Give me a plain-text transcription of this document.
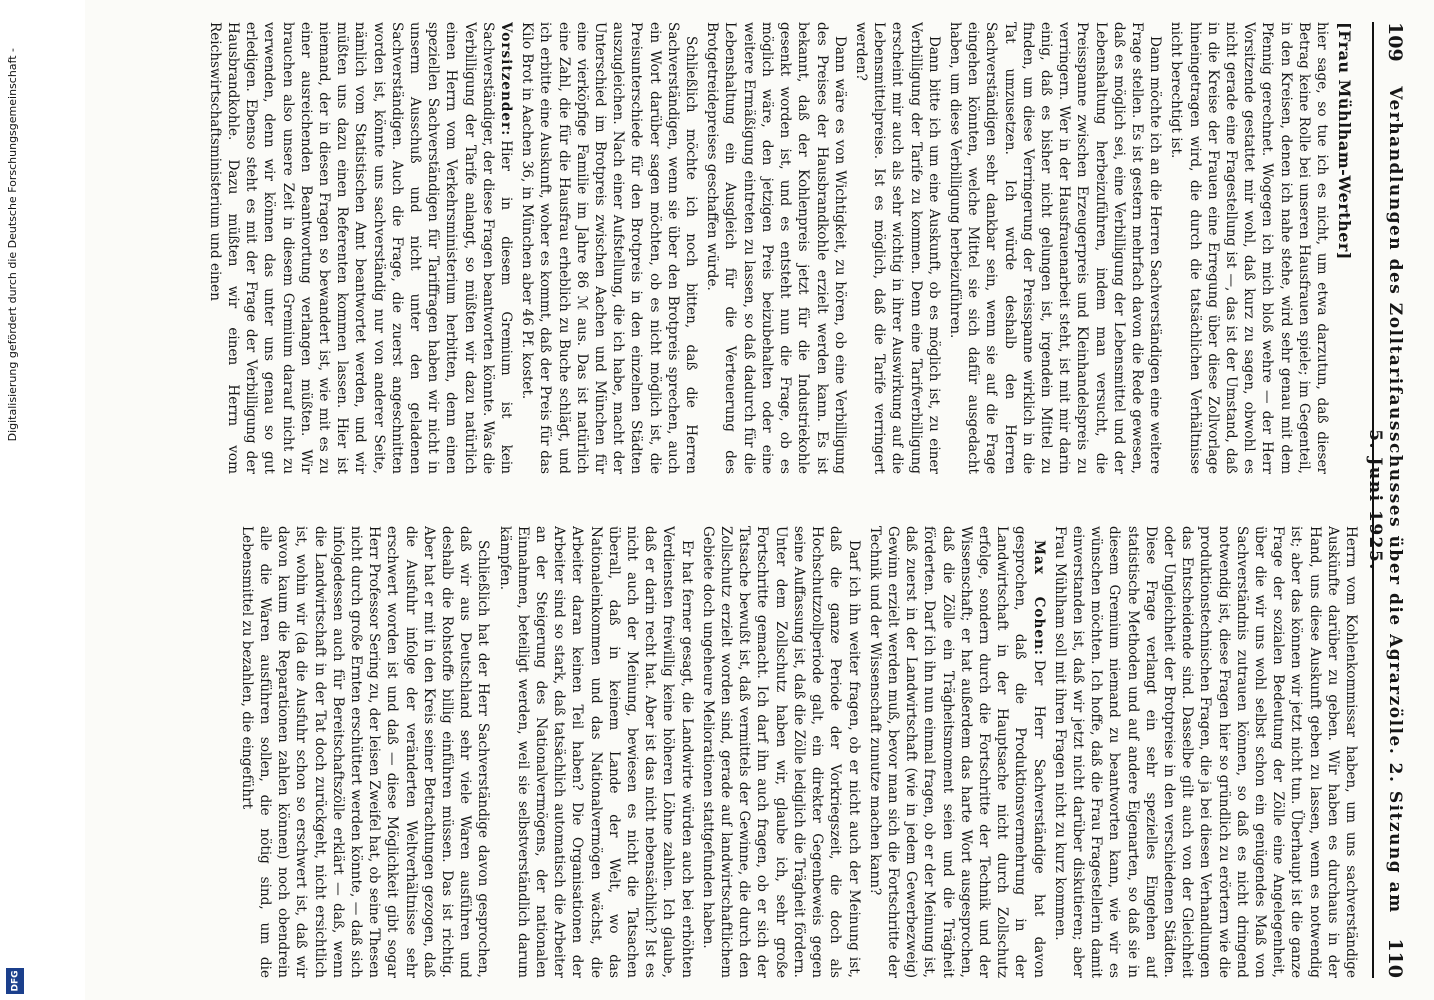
109
Verhandlungen des Zolltarifausschusses über die Agrarzölle. 2. Sitzung am 5. Juni 1925.
110
[Frau Mühlham-Werther]

hier sage, so tue ich es nicht, um etwa darzutun, daß dieser Betrag keine Rolle bei unseren Hausfrauen spiele; im Gegenteil, in den Kreisen, denen ich nahe stehe, wird sehr genau mit dem Pfennig gerechnet. Wogegen ich mich bloß wehre — der Herr Vorsitzende gestattet mir wohl, daß kurz zu sagen, obwohl es nicht gerade eine Fragestellung ist —, das ist der Umstand, daß in die Kreise der Frauen eine Erregung über diese Zollvorlage hineingetragen wird, die durch die tatsächlichen Verhältnisse nicht berechtigt ist.

Dann möchte ich an die Herren Sachverständigen eine weitere Frage stellen. Es ist gestern mehrfach davon die Rede gewesen, daß es möglich sei, eine Verbilligung der Lebensmittel und der Lebenshaltung herbeizuführen, indem man versucht, die Preisspanne zwischen Erzeugerpreis und Kleinhandelspreis zu verringern. Wer in der Hausfrauenarbeit steht, ist mit mir darin einig, daß es bisher nicht gelungen ist, irgendein Mittel zu finden, um diese Verringerung der Preisspanne wirklich in die Tat umzusetzen. Ich würde deshalb den Herren Sachverständigen sehr dankbar sein, wenn sie auf die Frage eingehen könnten, welche Mittel sie sich dafür ausgedacht haben, um diese Verbilligung herbeizuführen.

Dann bitte ich um eine Auskunft, ob es möglich ist, zu einer Verbilligung der Tarife zu kommen. Denn eine Tarifverbilligung erscheint mir auch als sehr wichtig in ihrer Auswirkung auf die Lebensmittelpreise. Ist es möglich, daß die Tarife verringert werden?

Dann wäre es von Wichtigkeit, zu hören, ob eine Verbilligung des Preises der Hausbrandkohle erzielt werden kann. Es ist bekannt, daß der Kohlenpreis jetzt für die Industriekohle gesenkt worden ist, und es entsteht nun die Frage, ob es möglich wäre, den jetzigen Preis beizubehalten oder eine weitere Ermäßigung eintreten zu lassen, so daß dadurch für die Lebenshaltung ein Ausgleich für die Verteuerung des Brotgetreidepreises geschaffen würde.

Schließlich möchte ich noch bitten, daß die Herren Sachverständigen, wenn sie über den Brotpreis sprechen, auch ein Wort darüber sagen möchten, ob es nicht möglich ist, die Preisunterschiede für den Brotpreis in den einzelnen Städten auszugleichen. Nach einer Aufstellung, die ich habe, macht der Unterschied im Brotpreis zwischen Aachen und München für eine vierköpfige Familie im Jahre 86 ℳ aus. Das ist natürlich eine Zahl, die für die Hausfrau erheblich zu Buche schlägt, und ich erbitte eine Auskunft, woher es kommt, daß der Preis für das Kilo Brot in Aachen 36, in München aber 46 Pf. kostet.

Vorsitzender:Hier in diesem Gremium ist kein Sachverständiger, der diese Fragen beantworten könnte. Was die Verbilligung der Tarife anlangt, so müßten wir dazu natürlich einen Herrn vom Verkehrsministerium herbitten, denn einen speziellen Sachverständigen für Tariffragen haben wir nicht in unserm Ausschuß und nicht unter den geladenen Sachverständigen. Auch die Frage, die zuerst angeschnitten worden ist, könnte uns sachverständig nur von anderer Seite, nämlich vom Statistischen Amt beantwortet werden, und wir müßten uns dazu einen Referenten kommen lassen. Hier ist niemand, der in diesen Fragen so bewandert ist, wie mit es zu einer ausreichenden Beantwortung verlangen müßten. Wir brauchen also unsere Zeit in diesem Gremium darauf nicht zu verwenden, denn wir können das unter uns genau so gut erledigen. Ebenso steht es mit der Frage der Verbilligung der Hausbrandkohle. Dazu müßten wir einen Herrn vom Reichswirtschaftsministerium und einen

Herrn vom Kohlenkommissar haben, um uns sachverständige Auskünfte darüber zu geben. Wir haben es durchaus in der Hand, uns diese Auskunft geben zu lassen, wenn es notwendig ist; aber das können wir jetzt nicht tun. Überhaupt ist die ganze Frage der sozialen Bedeutung der Zölle eine Angelegenheit, über die wir uns wohl selbst schon ein genügendes Maß von Sachverständnis zutrauen können, so daß es nicht dringend notwendig ist, diese Fragen hier so gründlich zu erörtern wie die produktionstechnischen Fragen, die ja bei diesen Verhandlungen das Entscheidende sind. Dasselbe gilt auch von der Gleichheit oder Ungleichheit der Brotpreise in den verschiedenen Städten. Diese Frage verlangt ein sehr spezielles Eingehen auf statistische Methoden und auf andere Eigenarten, so daß sie in diesem Gremium niemand zu beantworten kann, wie wir es wünschen möchten. Ich hoffe, daß die Frau Fragestellerin damit einverstanden ist, daß wir jetzt nicht darüber diskutieren; aber Frau Mühlham soll mit ihren Fragen nicht zu kurz kommen.

Max Cohen:Der Herr Sachverständige hat davon gesprochen, daß die Produktionsvermehrung in der Landwirtschaft in der Hauptsache nicht durch Zollschutz erfolge, sondern durch die Fortschritte der Technik und der Wissenschaft; er hat außerdem das harte Wort ausgesprochen, daß die Zölle ein Trägheitsmoment seien und die Trägheit förderten. Darf ich ihn nun einmal fragen, ob er der Meinung ist, daß zuerst in der Landwirtschaft (wie in jedem Gewerbezweig) Gewinn erzielt werden muß, bevor man sich die Fortschritte der Technik und der Wissenschaft zunutze machen kann?

Darf ich ihn weiter fragen, ob er nicht auch der Meinung ist, daß die ganze Periode der Vorkriegszeit, die doch als Hochschutzzollperiode galt, ein direkter Gegenbeweis gegen seine Auffassung ist, daß die Zölle lediglich die Trägheit fördern. Unter dem Zollschutz haben wir, glaube ich, sehr große Fortschritte gemacht. Ich darf ihn auch fragen, ob er sich der Tatsache bewußt ist, daß vermittels der Gewinne, die durch den Zollschutz erzielt worden sind, gerade auf landwirtschaftlichem Gebiete doch ungeheure Meliorationen stattgefunden haben.

Er hat ferner gesagt, die Landwirte würden auch bei erhöhten Verdiensten freiwillig keine höheren Löhne zahlen. Ich glaube, daß er darin recht hat. Aber ist das nicht nebensächlich? Ist es nicht auch der Meinung, bewiesen es nicht die Tatsachen überall, daß in keinem Lande der Welt, wo das Nationaleinkommen und das Nationalvermögen wächst, die Arbeiter daran keinen Teil haben? Die Organisationen der Arbeiter sind so stark, daß tatsächlich automatisch die Arbeiter an der Steigerung des Nationalvermögens, der nationalen Einnahmen, beteiligt werden, weil sie selbstverständlich darum kämpfen.

Schließlich hat der Herr Sachverständige davon gesprochen, daß wir aus Deutschland sehr viele Waren ausführen und deshalb die Rohstoffe billig einführen müssen. Das ist richtig. Aber hat er mit in den Kreis seiner Betrachtungen gezogen, daß die Ausfuhr infolge der veränderten Weltverhältnisse sehr erschwert worden ist und daß — diese Möglichkeit gibt sogar Herr Professor Sering zu, der leisen Zweifel hat, ob seine Thesen nicht durch große Ernten erschüttert werden könnte, — daß sich infolgedessen auch für Bereitschaftszölle erklärt — daß, wenn die Landwirtschaft in der Tat doch zurückgeht, nicht ersichtlich ist, wohin wir (da die Ausfuhr schon so erschwert ist, daß wir davon kaum die Reparationen zahlen können) noch obendrein alle die Waren ausführen sollen, die nötig sind, um die Lebensmittel zu bezahlen, die eingeführt

Digitalisierung gefördert durch die Deutsche Forschungsgemeinschaft -
DFG
